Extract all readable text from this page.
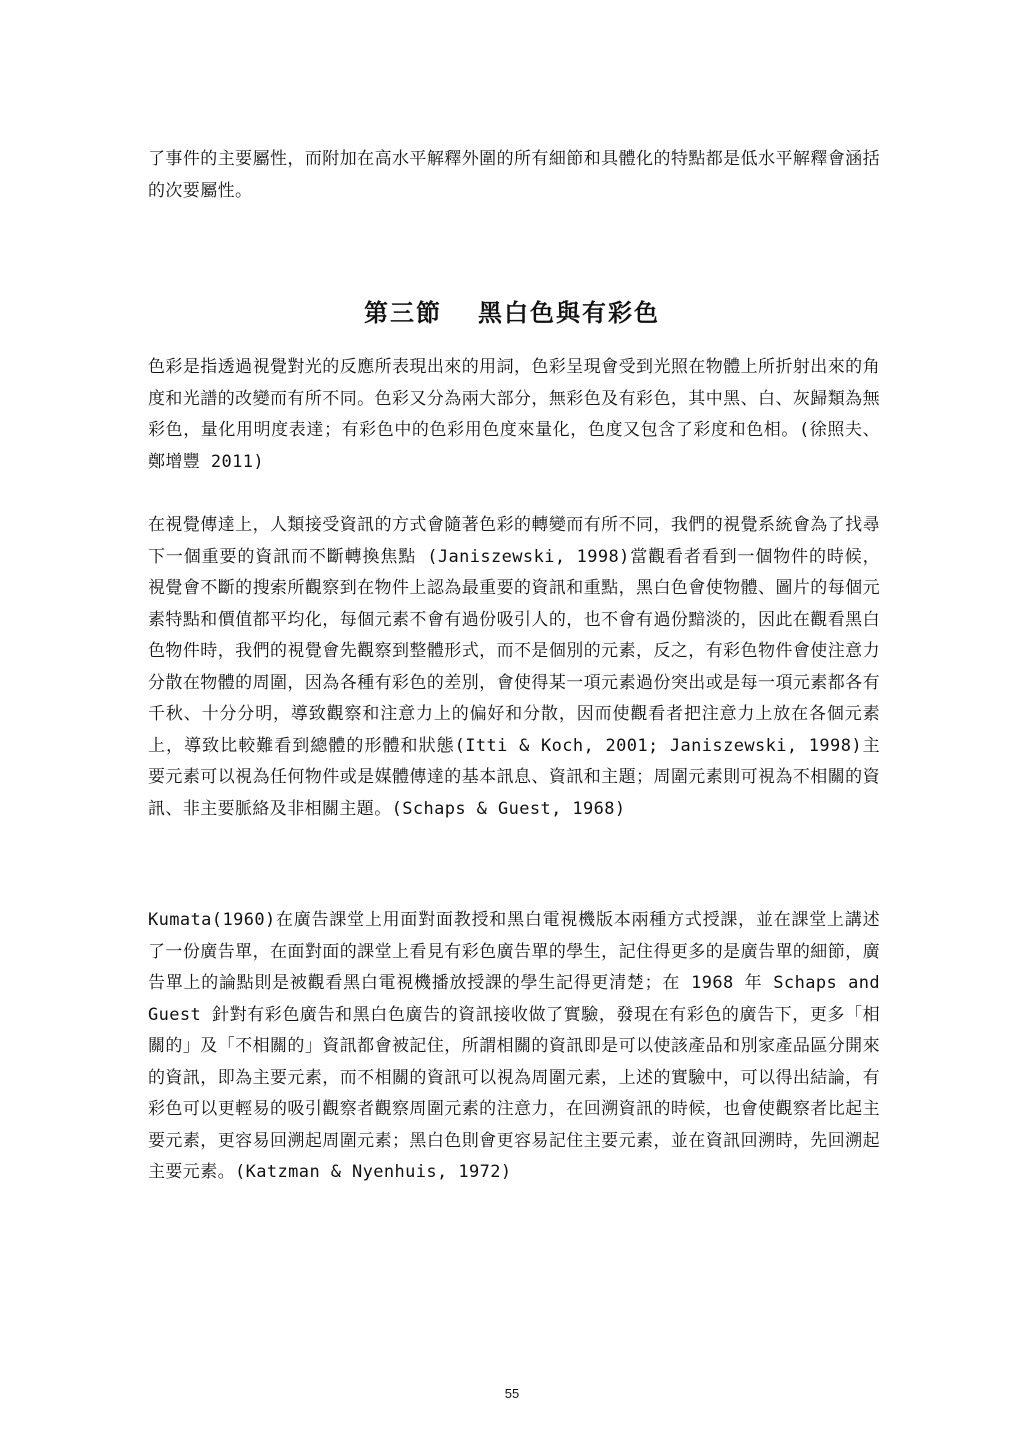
了事件的主要屬性，而附加在高水平解釋外圍的所有細節和具體化的特點都是低水平解釋會涵括的次要屬性。

第三節 黑白色與有彩色

色彩是指透過視覺對光的反應所表現出來的用詞，色彩呈現會受到光照在物體上所折射出來的角度和光譜的改變而有所不同。色彩又分為兩大部分，無彩色及有彩色，其中黑、白、灰歸類為無彩色，量化用明度表達；有彩色中的色彩用色度來量化，色度又包含了彩度和色相。(徐照夫、鄭增豐 2011)

在視覺傳達上，人類接受資訊的方式會隨著色彩的轉變而有所不同，我們的視覺系統會為了找尋下一個重要的資訊而不斷轉換焦點 (Janiszewski, 1998)當觀看者看到一個物件的時候，視覺會不斷的搜索所觀察到在物件上認為最重要的資訊和重點，黑白色會使物體、圖片的每個元素特點和價值都平均化，每個元素不會有過份吸引人的，也不會有過份黯淡的，因此在觀看黑白色物件時，我們的視覺會先觀察到整體形式，而不是個別的元素，反之，有彩色物件會使注意力分散在物體的周圍，因為各種有彩色的差別，會使得某一項元素過份突出或是每一項元素都各有千秋、十分分明，導致觀察和注意力上的偏好和分散，因而使觀看者把注意力上放在各個元素上，導致比較難看到總體的形體和狀態(Itti & Koch, 2001; Janiszewski, 1998)主要元素可以視為任何物件或是媒體傳達的基本訊息、資訊和主題；周圍元素則可視為不相關的資訊、非主要脈絡及非相關主題。(Schaps & Guest, 1968)

Kumata(1960)在廣告課堂上用面對面教授和黑白電視機版本兩種方式授課，並在課堂上講述了一份廣告單，在面對面的課堂上看見有彩色廣告單的學生，記住得更多的是廣告單的細節，廣告單上的論點則是被觀看黑白電視機播放授課的學生記得更清楚；在 1968 年 Schaps and Guest 針對有彩色廣告和黑白色廣告的資訊接收做了實驗，發現在有彩色的廣告下，更多「相關的」及「不相關的」資訊都會被記住，所謂相關的資訊即是可以使該產品和別家產品區分開來的資訊，即為主要元素，而不相關的資訊可以視為周圍元素，上述的實驗中，可以得出結論，有彩色可以更輕易的吸引觀察者觀察周圍元素的注意力，在回溯資訊的時候，也會使觀察者比起主要元素，更容易回溯起周圍元素；黑白色則會更容易記住主要元素，並在資訊回溯時，先回溯起主要元素。(Katzman & Nyenhuis, 1972)

55
